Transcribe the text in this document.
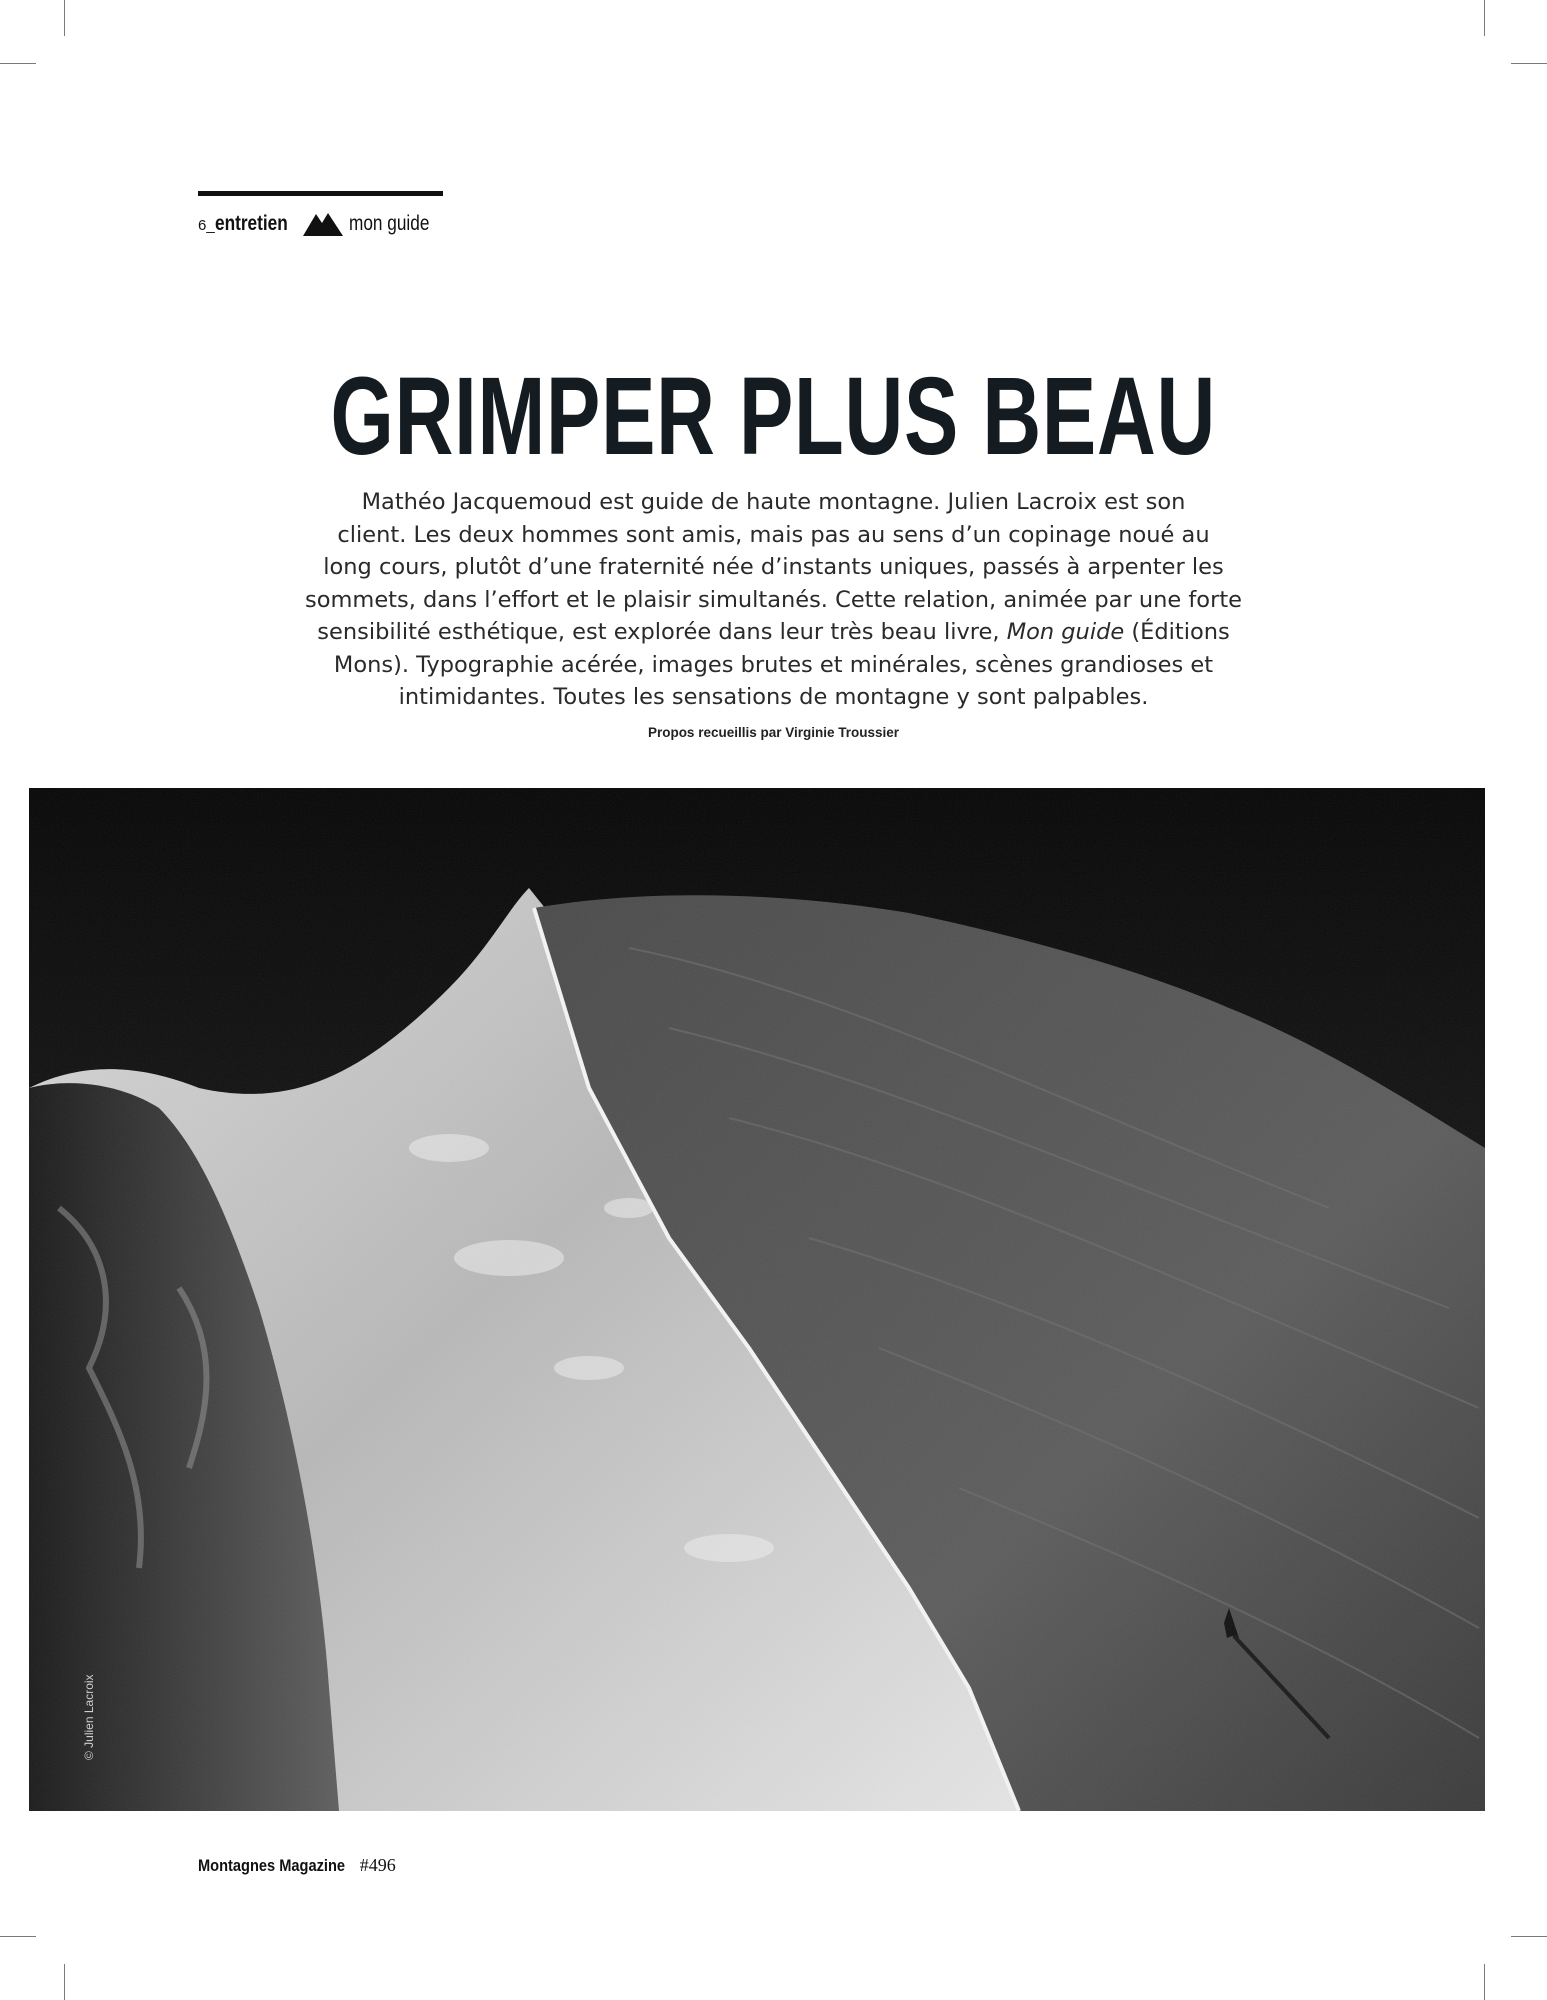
6_ entretien	mon guide
GRIMPER PLUS BEAU
Mathéo Jacquemoud est guide de haute montagne. Julien Lacroix est son
client. Les deux hommes sont amis, mais pas au sens d’un copinage noué au
long cours, plutôt d’une fraternité née d’instants uniques, passés à arpenter les
sommets, dans l’effort et le plaisir simultanés. Cette relation, animée par une forte
sensibilité esthétique, est explorée dans leur très beau livre, Mon guide (Éditions
Mons). Typographie acérée, images brutes et minérales, scènes grandioses et
intimidantes. Toutes les sensations de montagne y sont palpables.
Propos recueillis par Virginie Troussier
© Julien Lacroix
Montagnes Magazine #496
